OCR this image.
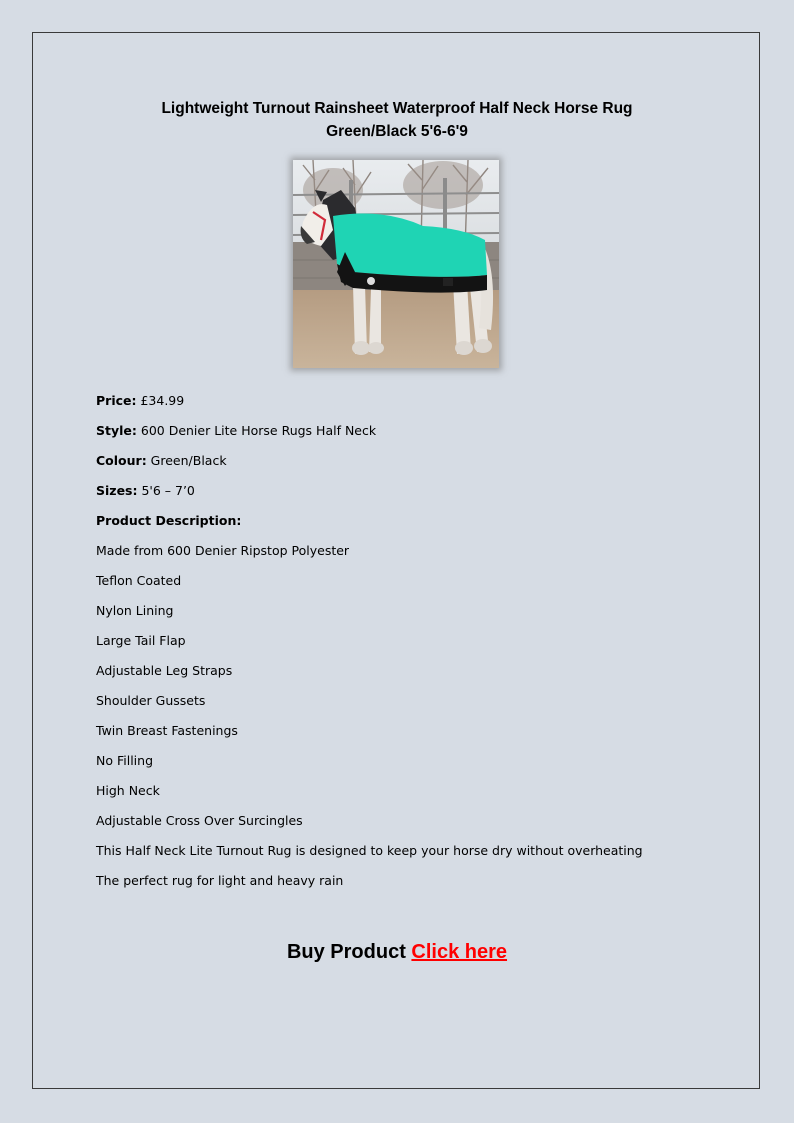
Lightweight Turnout Rainsheet Waterproof Half Neck Horse Rug
Green/Black 5'6-6'9
Price: £34.99
Style: 600 Denier Lite Horse Rugs Half Neck
Colour: Green/Black
Sizes: 5'6 – 7’0
Product Description:
Made from 600 Denier Ripstop Polyester
Teflon Coated
Nylon Lining
Large Tail Flap
Adjustable Leg Straps
Shoulder Gussets
Twin Breast Fastenings
No Filling
High Neck
Adjustable Cross Over Surcingles
This Half Neck Lite Turnout Rug is designed to keep your horse dry without overheating
The perfect rug for light and heavy rain
Buy Product Click here
